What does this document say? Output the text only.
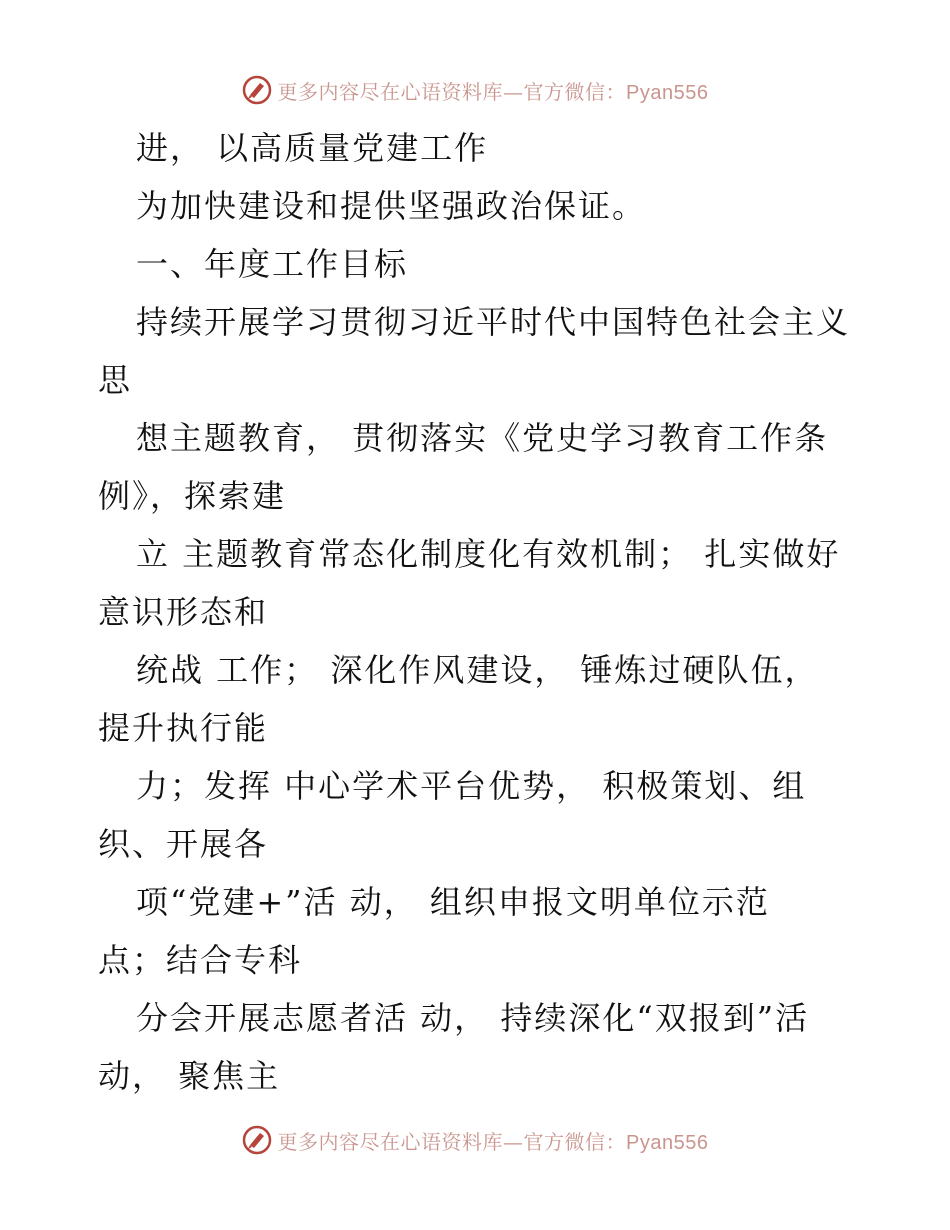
更多内容尽在心语资料库—官方微信：Pyan556
进， 以高质量党建工作
为加快建设和提供坚强政治保证。
一、年度工作目标
持续开展学习贯彻习近平时代中国特色社会主义
思
想主题教育， 贯彻落实《党史学习教育工作条
例》，探索建
立 主题教育常态化制度化有效机制； 扎实做好
意识形态和
统战 工作； 深化作风建设， 锤炼过硬队伍，
提升执行能
力；发挥 中心学术平台优势， 积极策划、组
织、开展各
项“党建+”活 动， 组织申报文明单位示范
点；结合专科
分会开展志愿者活 动， 持续深化“双报到”活
动， 聚焦主
更多内容尽在心语资料库—官方微信：Pyan556
